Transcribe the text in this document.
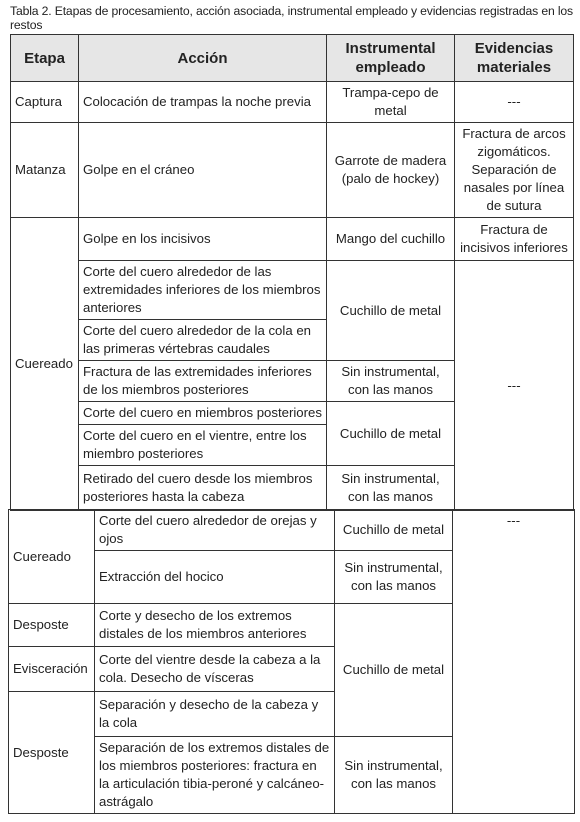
Tabla 2. Etapas de procesamiento, acción asociada, instrumental empleado y evidencias registradas en los restos
Etapa	Acción	Instrumental empleado	Evidencias materiales
Captura	Colocación de trampas la noche previa	Trampa-cepo de metal	---
Matanza	Golpe en el cráneo	Garrote de madera (palo de hockey)	Fractura de arcos zigomáticos. Separación de nasales por línea de sutura
Cuereado	Golpe en los incisivos	Mango del cuchillo	Fractura de incisivos inferiores
	Corte del cuero alrededor de las extremidades inferiores de los miembros anteriores	Cuchillo de metal	---
	Corte del cuero alrededor de la cola en las primeras vértebras caudales		
	Fractura de las extremidades inferiores de los miembros posteriores	Sin instrumental, con las manos	
	Corte del cuero en miembros posteriores	Cuchillo de metal	
	Corte del cuero en el vientre, entre los miembro posteriores		
	Retirado del cuero desde los miembros posteriores hasta la cabeza	Sin instrumental, con las manos	
Cuereado	Corte del cuero alrededor de orejas y ojos	Cuchillo de metal	---
	Extracción del hocico	Sin instrumental, con las manos	
Desposte	Corte y desecho de los extremos distales de los miembros anteriores	Cuchillo de metal	
Evisceración	Corte del vientre desde la cabeza a la cola. Desecho de vísceras		
Desposte	Separación y desecho de la cabeza y la cola		
	Separación de los extremos distales de los miembros posteriores: fractura en la articulación tibia-peroné y calcáneo-astrágalo	Sin instrumental, con las manos	
